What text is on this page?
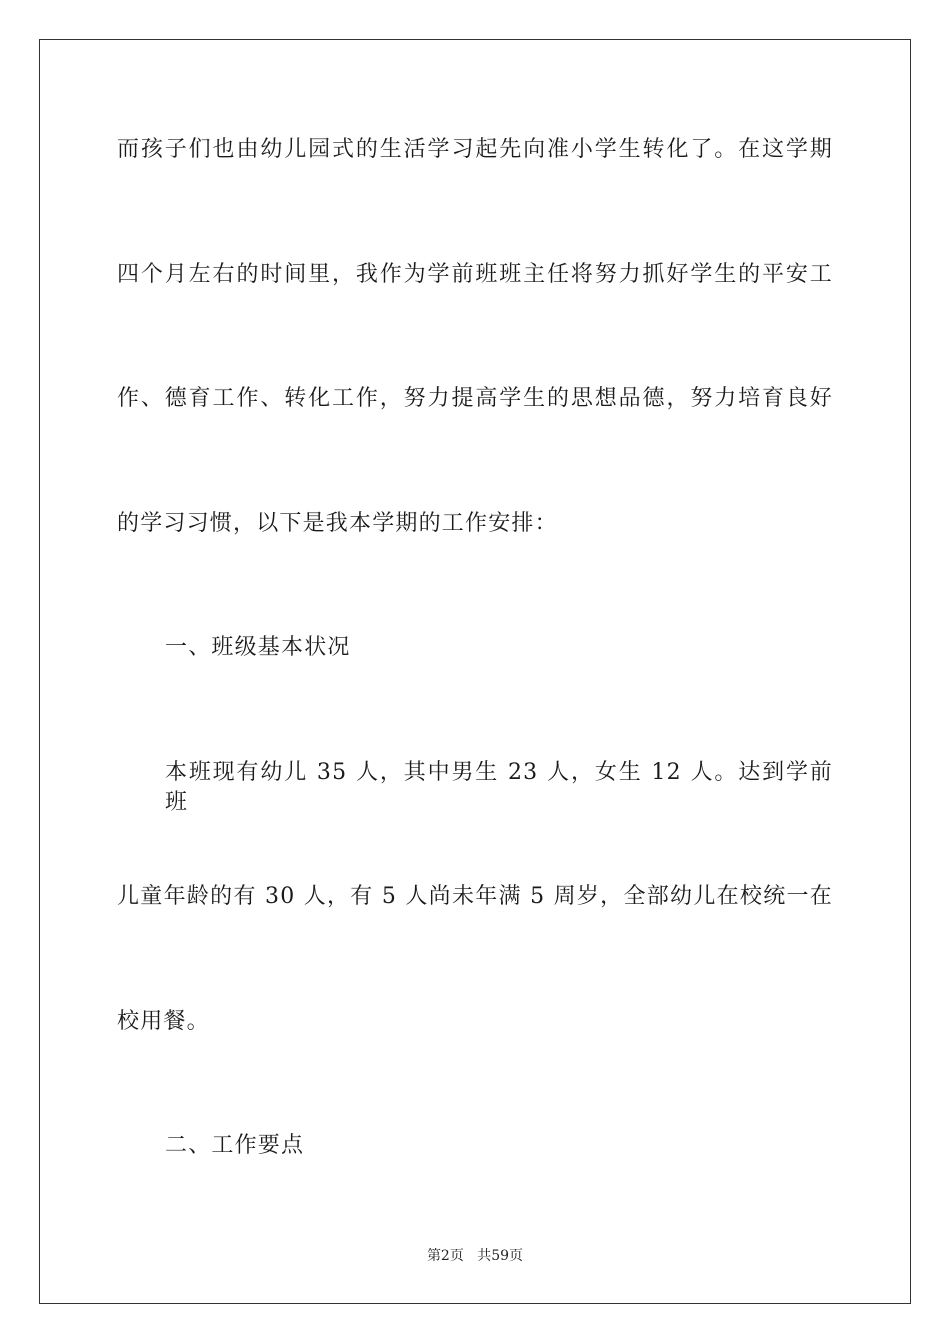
而孩子们也由幼儿园式的生活学习起先向准小学生转化了。在这学期
四个月左右的时间里，我作为学前班班主任将努力抓好学生的平安工
作、德育工作、转化工作，努力提高学生的思想品德，努力培育良好
的学习习惯，以下是我本学期的工作安排：
一、班级基本状况
本班现有幼儿 35 人，其中男生 23 人，女生 12 人。达到学前班
儿童年龄的有 30 人，有 5 人尚未年满 5 周岁，全部幼儿在校统一在
校用餐。
二、工作要点
第2页 共59页
